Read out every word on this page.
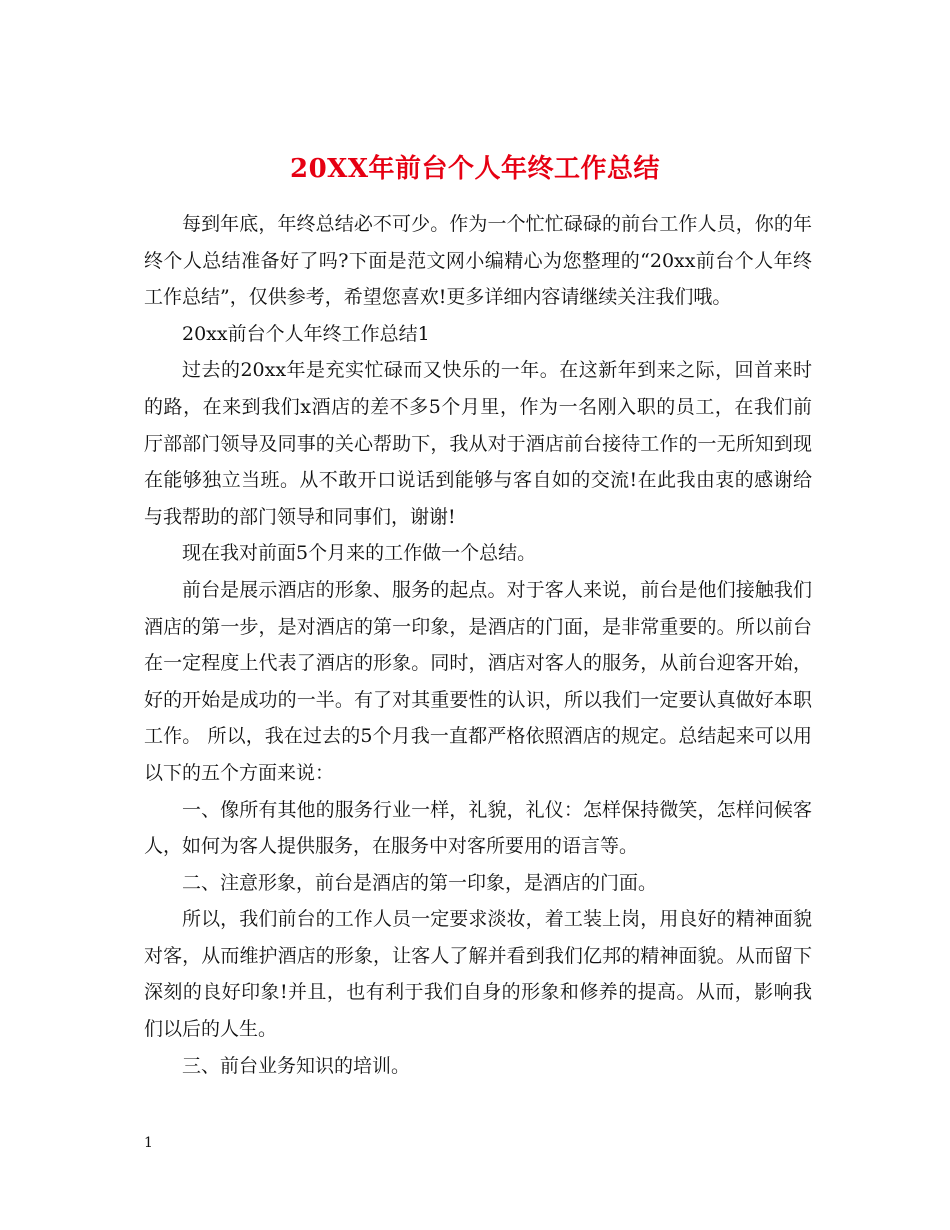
20XX年前台个人年终工作总结

每到年底，年终总结必不可少。作为一个忙忙碌碌的前台工作人员，你的年终个人总结准备好了吗?下面是范文网小编精心为您整理的“20xx前台个人年终工作总结”，仅供参考，希望您喜欢!更多详细内容请继续关注我们哦。

20xx前台个人年终工作总结1

过去的20xx年是充实忙碌而又快乐的一年。在这新年到来之际，回首来时的路，在来到我们x酒店的差不多5个月里，作为一名刚入职的员工，在我们前厅部部门领导及同事的关心帮助下，我从对于酒店前台接待工作的一无所知到现在能够独立当班。从不敢开口说话到能够与客自如的交流!在此我由衷的感谢给与我帮助的部门领导和同事们，谢谢!

现在我对前面5个月来的工作做一个总结。

前台是展示酒店的形象、服务的起点。对于客人来说，前台是他们接触我们酒店的第一步，是对酒店的第一印象，是酒店的门面，是非常重要的。所以前台在一定程度上代表了酒店的形象。同时，酒店对客人的服务，从前台迎客开始，好的开始是成功的一半。有了对其重要性的认识，所以我们一定要认真做好本职工作。 所以，我在过去的5个月我一直都严格依照酒店的规定。总结起来可以用以下的五个方面来说：

一、像所有其他的服务行业一样，礼貌，礼仪：怎样保持微笑，怎样问候客人，如何为客人提供服务，在服务中对客所要用的语言等。

二、注意形象，前台是酒店的第一印象，是酒店的门面。

所以，我们前台的工作人员一定要求淡妆，着工装上岗，用良好的精神面貌对客，从而维护酒店的形象，让客人了解并看到我们亿邦的精神面貌。从而留下深刻的良好印象!并且，也有利于我们自身的形象和修养的提高。从而，影响我们以后的人生。

三、前台业务知识的培训。

1
